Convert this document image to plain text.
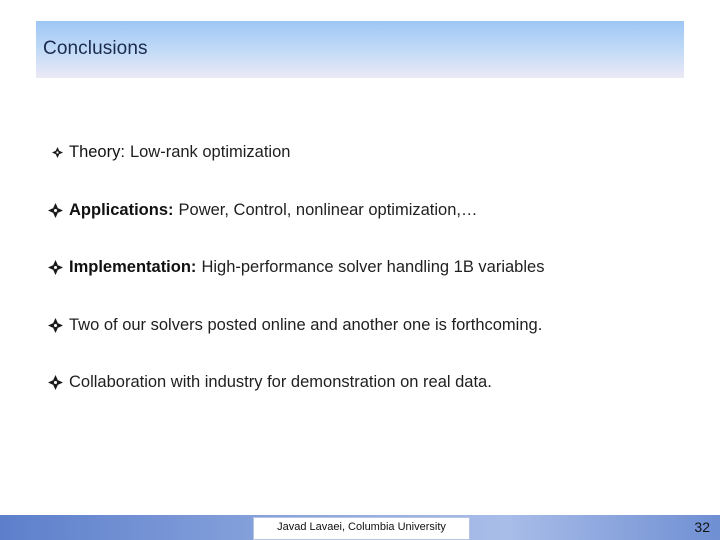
Conclusions
Theory: Low-rank optimization
Applications: Power, Control, nonlinear optimization,…
Implementation: High-performance solver handling 1B variables
Two of our solvers posted online and another one is forthcoming.
Collaboration with industry for demonstration on real data.
Javad Lavaei, Columbia University	32
